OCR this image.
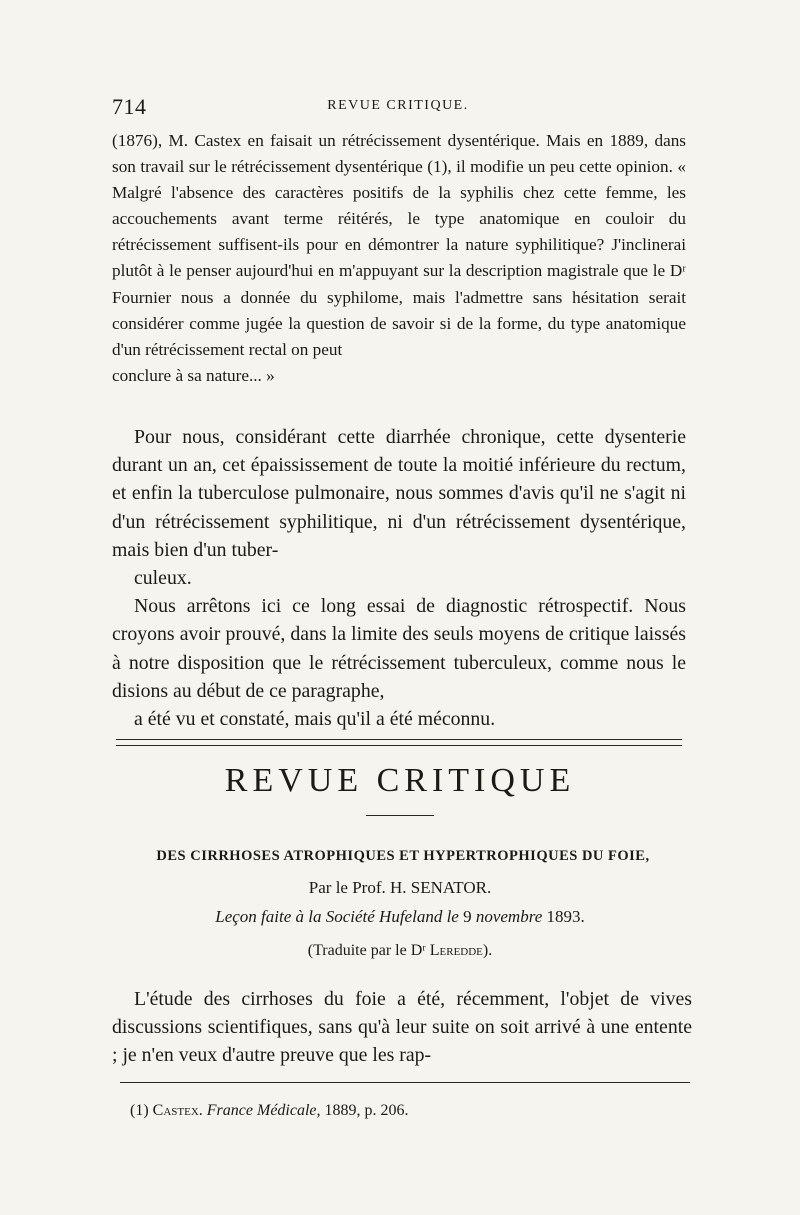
714	REVUE CRITIQUE.

(1876), M. Castex en faisait un rétrécissement dysentérique. Mais en 1889, dans son travail sur le rétrécissement dysentérique (1), il modifie un peu cette opinion. « Malgré l'absence des caractères positifs de la syphilis chez cette femme, les accouchements avant terme réitérés, le type anatomique en couloir du rétrécissement suffisent-ils pour en démontrer la nature syphilitique? J'inclinerai plutôt à le penser aujourd'hui en m'appuyant sur la description magistrale que le Dʳ Fournier nous a donnée du syphilome, mais l'admettre sans hésitation serait considérer comme jugée la question de savoir si de la forme, du type anatomique d'un rétrécissement rectal on peut
conclure à sa nature... »

Pour nous, considérant cette diarrhée chronique, cette dysenterie durant un an, cet épaississement de toute la moitié inférieure du rectum, et enfin la tuberculose pulmonaire, nous sommes d'avis qu'il ne s'agit ni d'un rétrécissement syphilitique, ni d'un rétrécissement dysentérique, mais bien d'un tuber-
culeux.

Nous arrêtons ici ce long essai de diagnostic rétrospectif. Nous croyons avoir prouvé, dans la limite des seuls moyens de critique laissés à notre disposition que le rétrécissement tuberculeux, comme nous le disions au début de ce paragraphe,
a été vu et constaté, mais qu'il a été méconnu.

REVUE CRITIQUE
DES CIRRHOSES ATROPHIQUES ET HYPERTROPHIQUES DU FOIE,
Par le Prof. H. SENATOR.
Leçon faite à la Société Hufeland le 9 novembre 1893.
(Traduite par le Dʳ Leredde).

L'étude des cirrhoses du foie a été, récemment, l'objet de vives discussions scientifiques, sans qu'à leur suite on soit arrivé à une entente ; je n'en veux d'autre preuve que les rap-

(1) Castex. France Médicale, 1889, p. 206.
